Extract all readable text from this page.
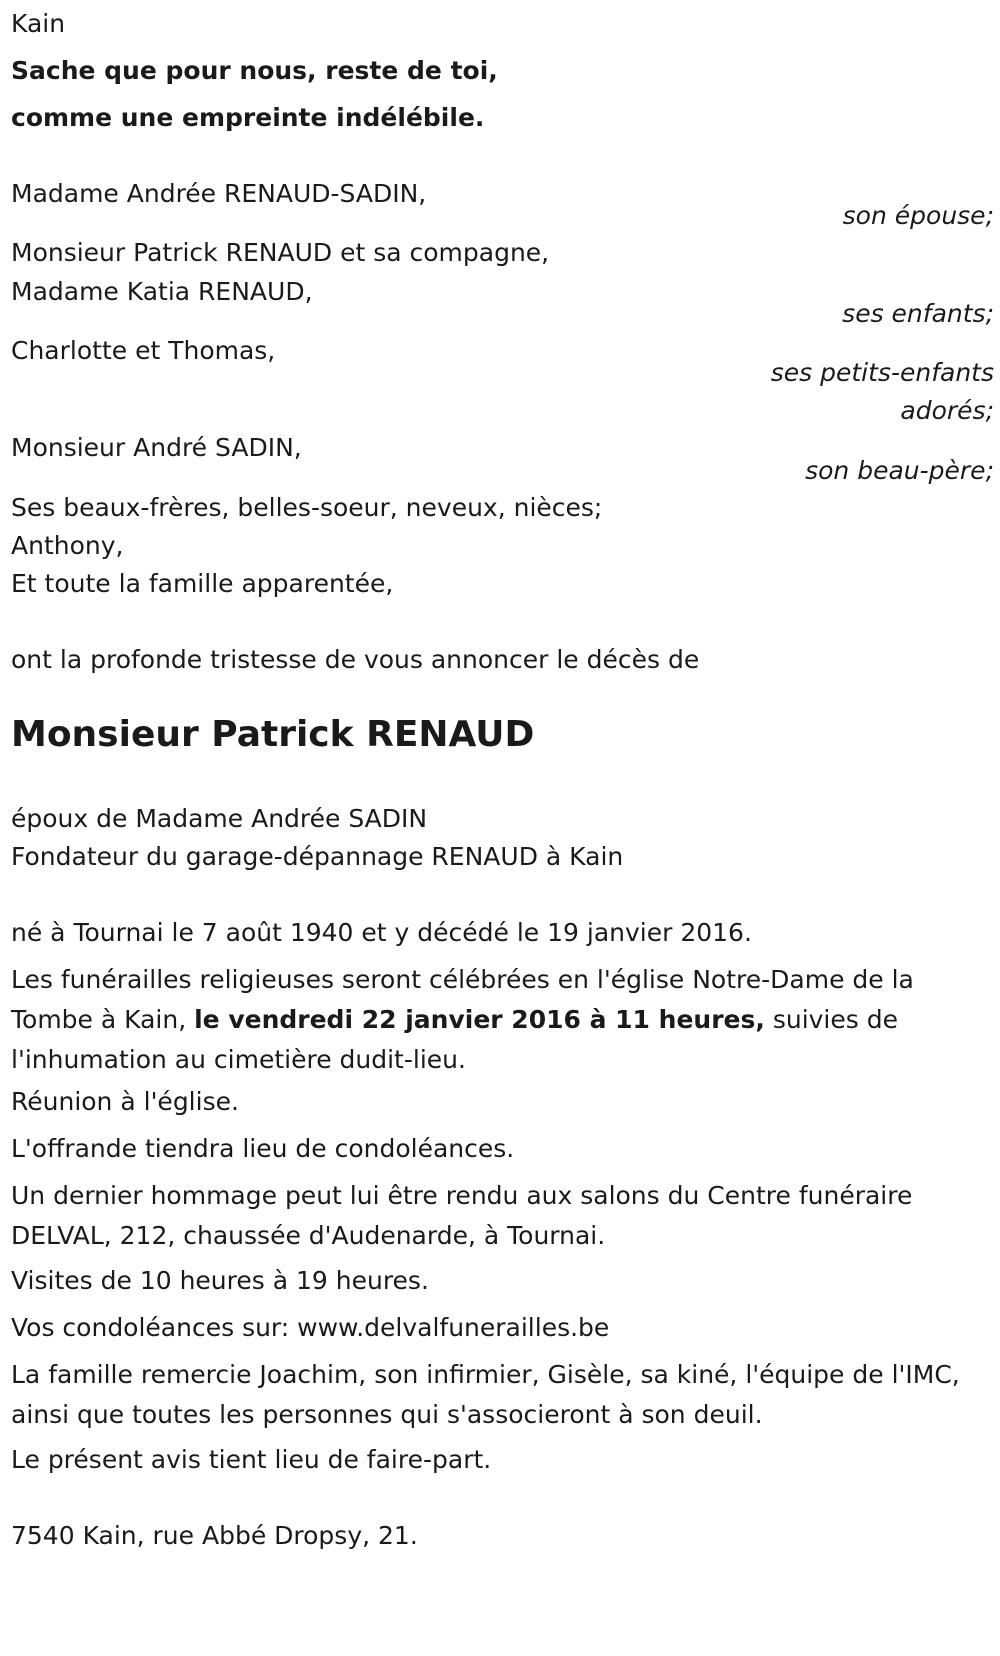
Kain
Sache que pour nous, reste de toi,
comme une empreinte indélébile.
Madame Andrée RENAUD-SADIN,
son épouse;
Monsieur Patrick RENAUD et sa compagne,
Madame Katia RENAUD,
ses enfants;
Charlotte et Thomas,
ses petits-enfants
adorés;
Monsieur André SADIN,
son beau-père;
Ses beaux-frères, belles-soeur, neveux, nièces;
Anthony,
Et toute la famille apparentée,
ont la profonde tristesse de vous annoncer le décès de
Monsieur Patrick RENAUD
époux de Madame Andrée SADIN
Fondateur du garage-dépannage RENAUD à Kain
né à Tournai le 7 août 1940 et y décédé le 19 janvier 2016.
Les funérailles religieuses seront célébrées en l'église Notre-Dame de la Tombe à Kain, le vendredi 22 janvier 2016 à 11 heures, suivies de l'inhumation au cimetière dudit-lieu.
Réunion à l'église.
L'offrande tiendra lieu de condoléances.
Un dernier hommage peut lui être rendu aux salons du Centre funéraire DELVAL, 212, chaussée d'Audenarde, à Tournai.
Visites de 10 heures à 19 heures.
Vos condoléances sur: www.delvalfunerailles.be
La famille remercie Joachim, son infirmier, Gisèle, sa kiné, l'équipe de l'IMC, ainsi que toutes les personnes qui s'associeront à son deuil.
Le présent avis tient lieu de faire-part.
7540 Kain, rue Abbé Dropsy, 21.
